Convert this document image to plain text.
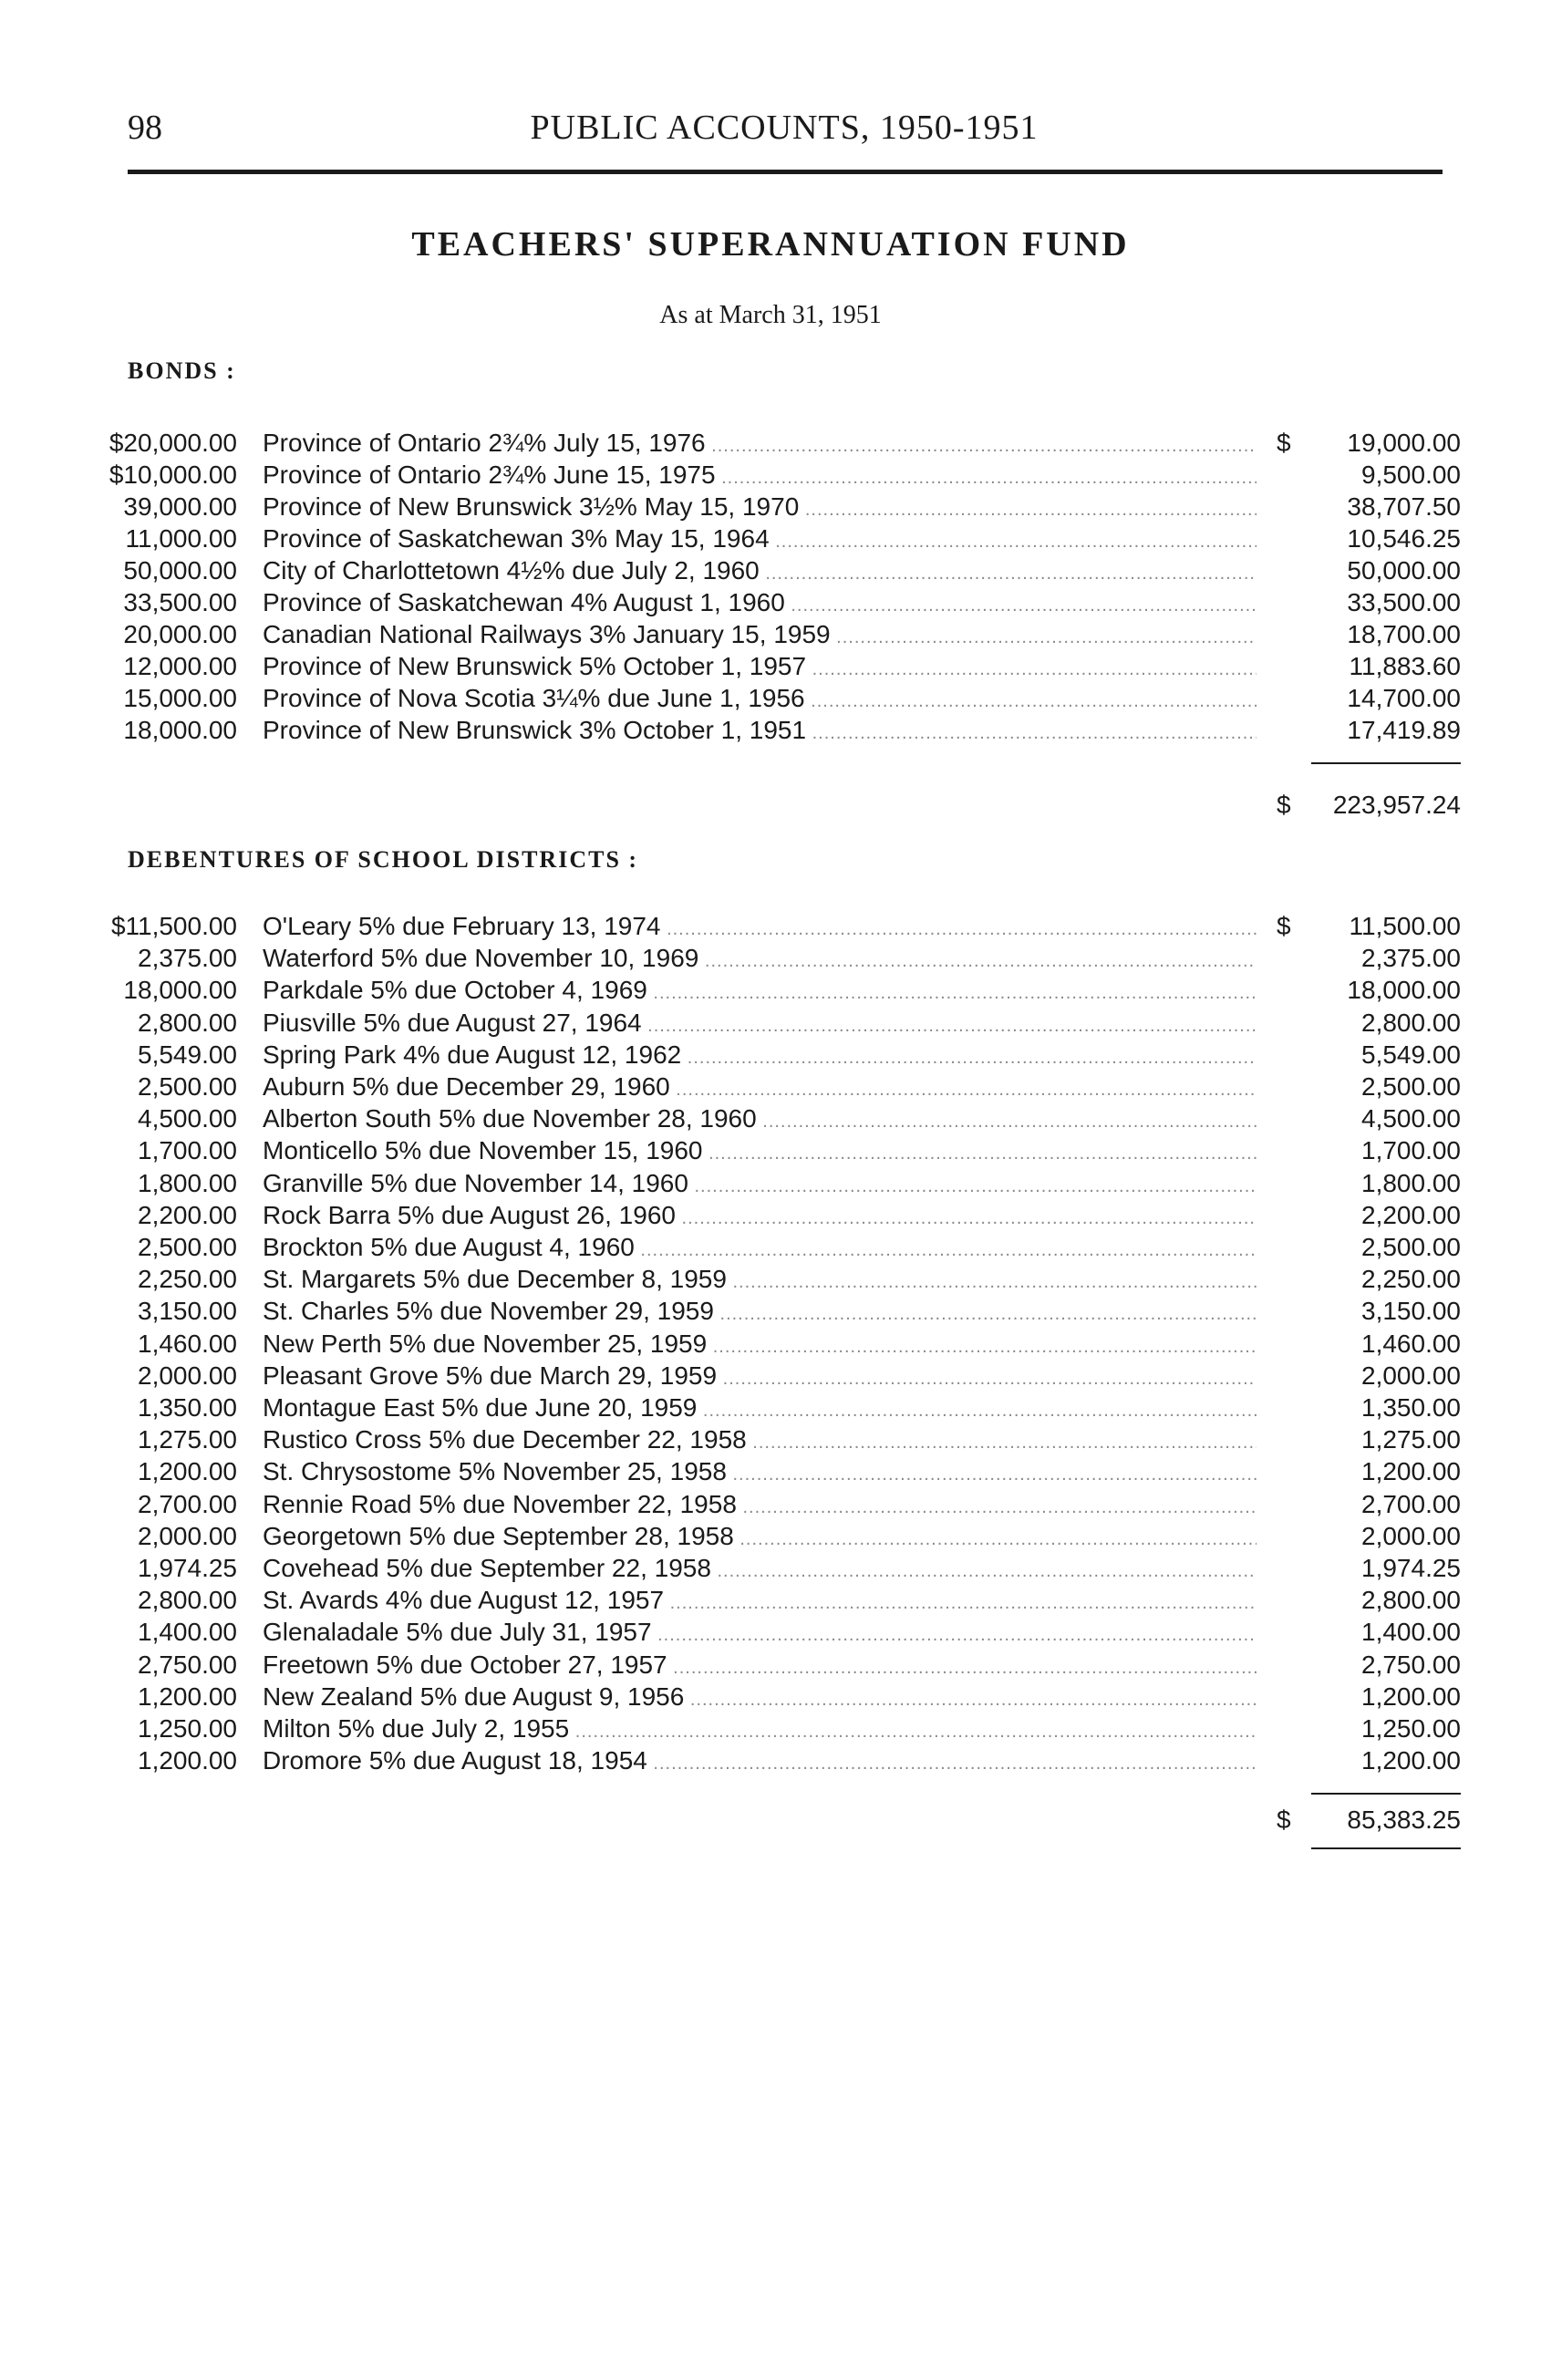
98	PUBLIC ACCOUNTS, 1950-1951
TEACHERS' SUPERANNUATION FUND
As at March 31, 1951
BONDS :
$20,000.00 Province of Ontario 2¾% July 15, 1976 .....	$	19,000.00
$10,000.00 Province of Ontario 2¾% June 15, 1975 .....	9,500.00
39,000.00 Province of New Brunswick 3½% May 15, 1970 .....	38,707.50
11,000.00 Province of Saskatchewan 3% May 15, 1964 .....	10,546.25
50,000.00 City of Charlottetown 4½% due July 2, 1960 .....	50,000.00
33,500.00 Province of Saskatchewan 4% August 1, 1960 .....	33,500.00
20,000.00 Canadian National Railways 3% January 15, 1959 .....	18,700.00
12,000.00 Province of New Brunswick 5% October 1, 1957 .....	11,883.60
15,000.00 Province of Nova Scotia 3¼% due June 1, 1956 .....	14,700.00
18,000.00 Province of New Brunswick 3% October 1, 1951 .....	17,419.89
$	223,957.24
DEBENTURES OF SCHOOL DISTRICTS :
$11,500.00 O'Leary 5% due February 13, 1974 .....	$	11,500.00
2,375.00 Waterford 5% due November 10, 1969 .....	2,375.00
18,000.00 Parkdale 5% due October 4, 1969 .....	18,000.00
2,800.00 Piusville 5% due August 27, 1964 .....	2,800.00
5,549.00 Spring Park 4% due August 12, 1962 .....	5,549.00
2,500.00 Auburn 5% due December 29, 1960 .....	2,500.00
4,500.00 Alberton South 5% due November 28, 1960 .....	4,500.00
1,700.00 Monticello 5% due November 15, 1960 .....	1,700.00
1,800.00 Granville 5% due November 14, 1960 .....	1,800.00
2,200.00 Rock Barra 5% due August 26, 1960 .....	2,200.00
2,500.00 Brockton 5% due August 4, 1960 .....	2,500.00
2,250.00 St. Margarets 5% due December 8, 1959 .....	2,250.00
3,150.00 St. Charles 5% due November 29, 1959 .....	3,150.00
1,460.00 New Perth 5% due November 25, 1959 .....	1,460.00
2,000.00 Pleasant Grove 5% due March 29, 1959 .....	2,000.00
1,350.00 Montague East 5% due June 20, 1959 .....	1,350.00
1,275.00 Rustico Cross 5% due December 22, 1958 .....	1,275.00
1,200.00 St. Chrysostome 5% November 25, 1958 .....	1,200.00
2,700.00 Rennie Road 5% due November 22, 1958 .....	2,700.00
2,000.00 Georgetown 5% due September 28, 1958 .....	2,000.00
1,974.25 Covehead 5% due September 22, 1958 .....	1,974.25
2,800.00 St. Avards 4% due August 12, 1957 .....	2,800.00
1,400.00 Glenaladale 5% due July 31, 1957 .....	1,400.00
2,750.00 Freetown 5% due October 27, 1957 .....	2,750.00
1,200.00 New Zealand 5% due August 9, 1956 .....	1,200.00
1,250.00 Milton 5% due July 2, 1955 .....	1,250.00
1,200.00 Dromore 5% due August 18, 1954 .....	1,200.00
$	85,383.25
